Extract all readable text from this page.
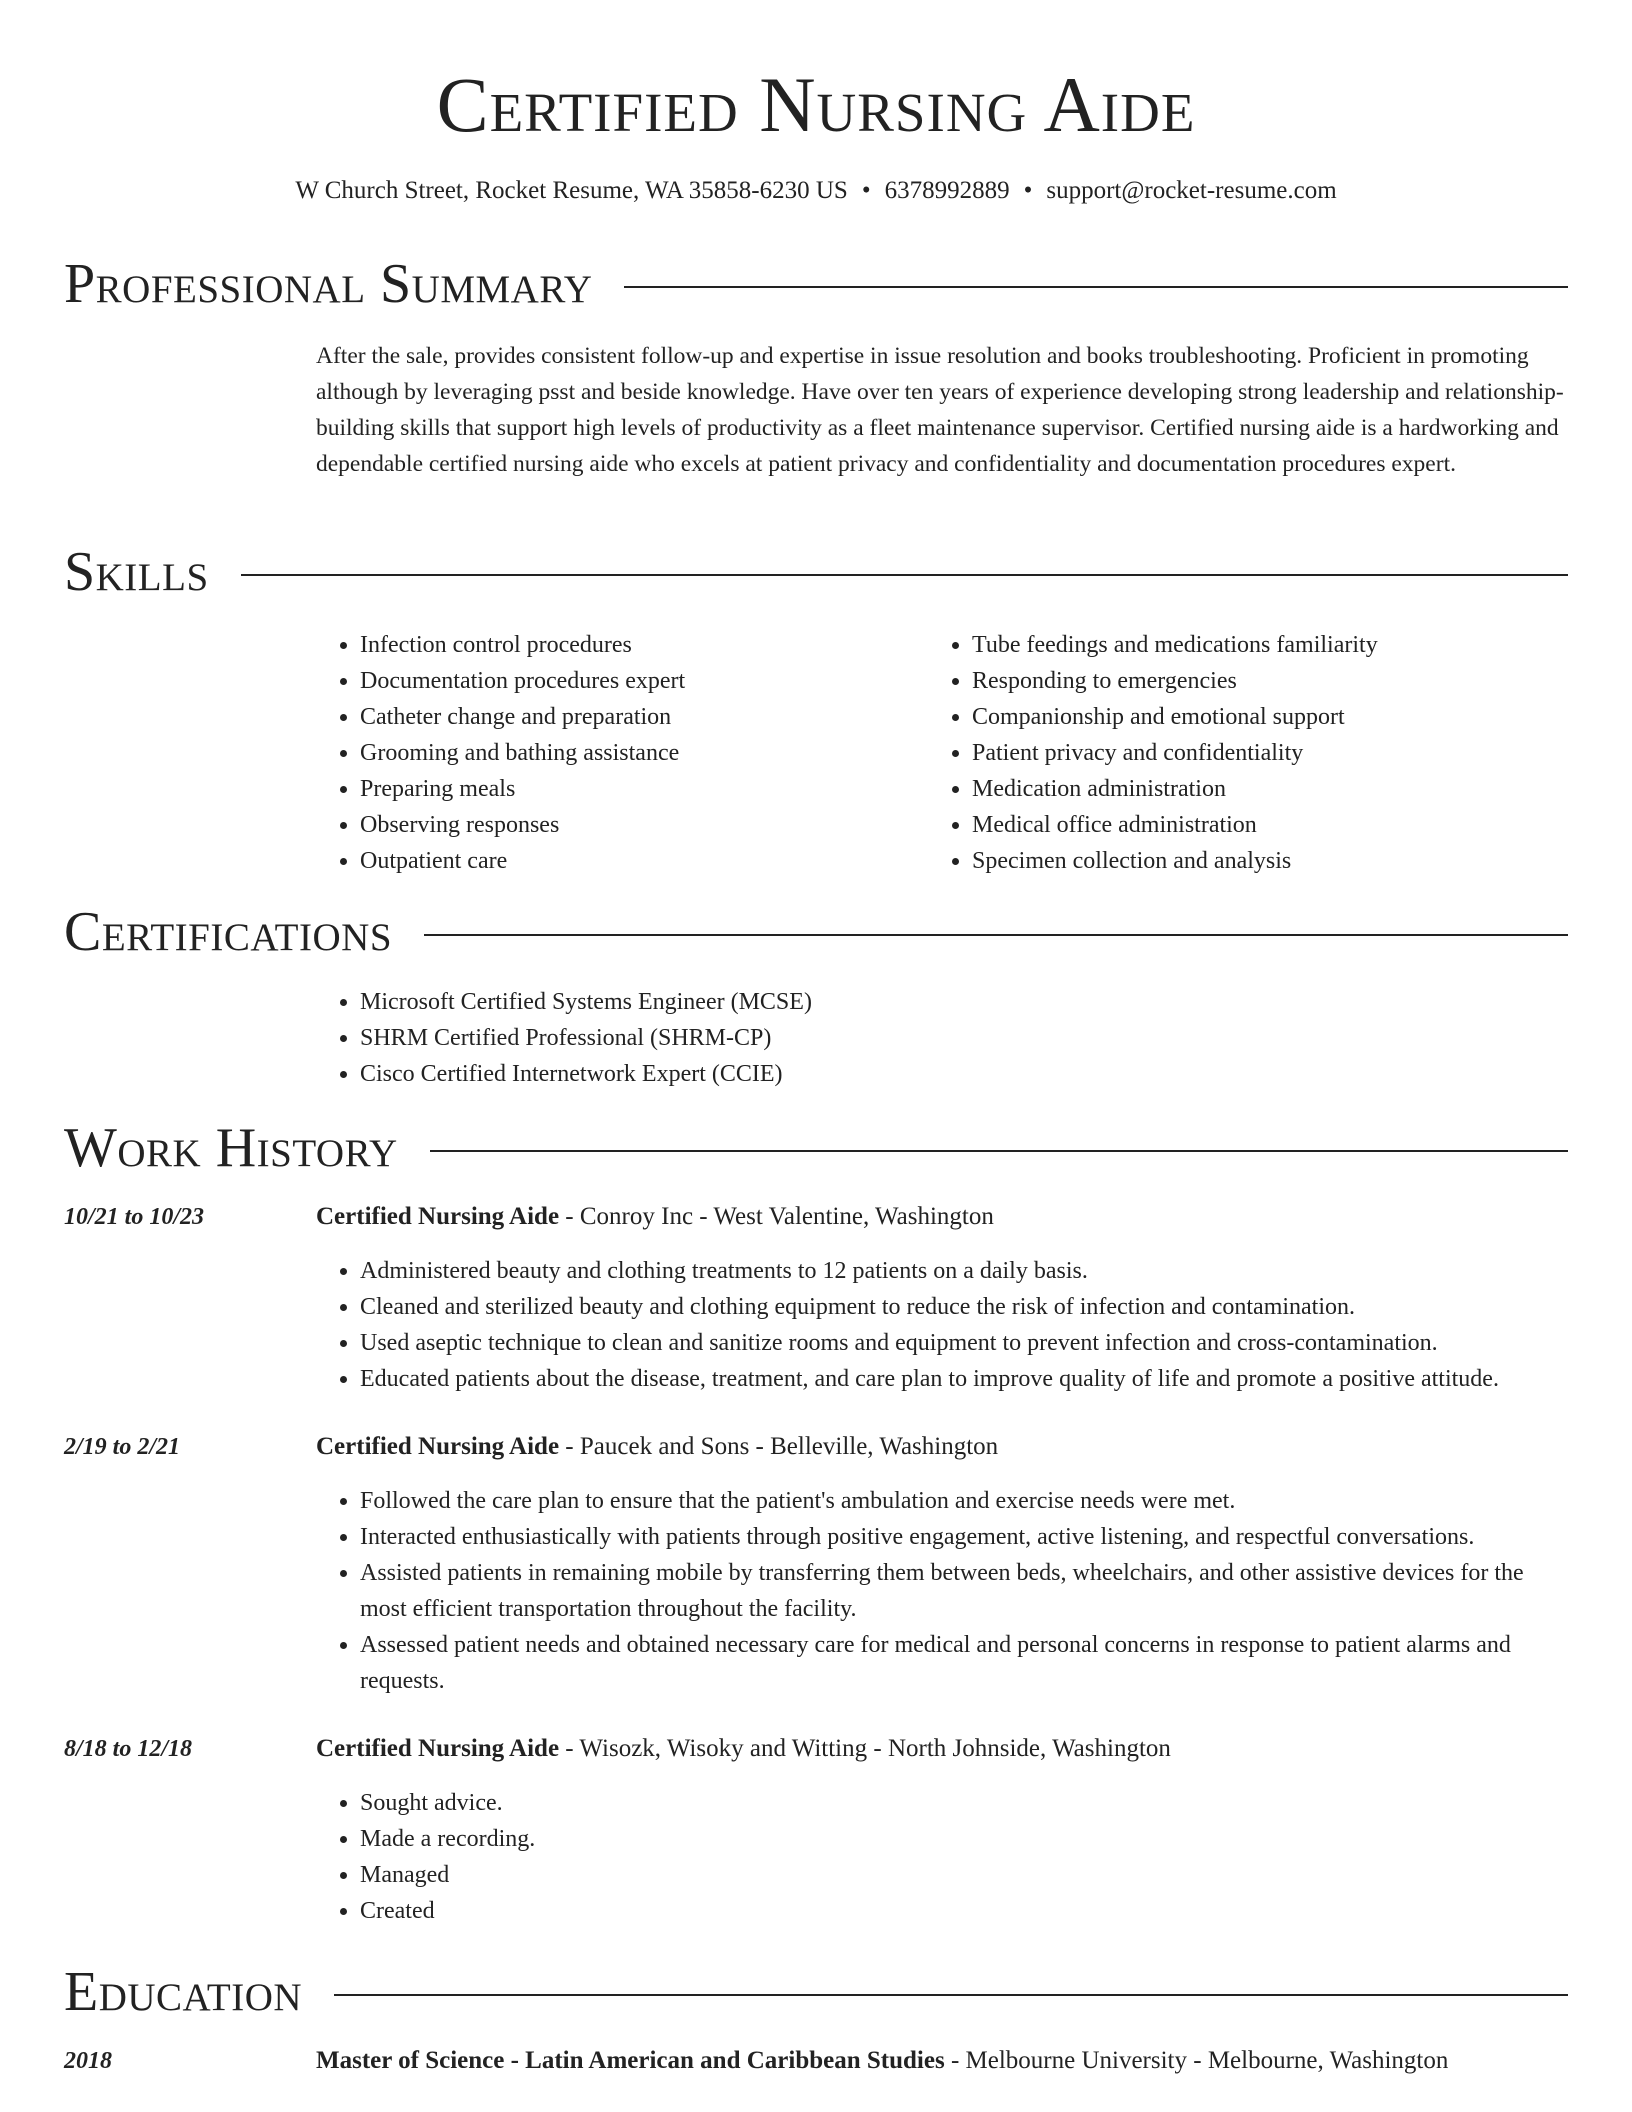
Certified Nursing Aide
W Church Street, Rocket Resume, WA 35858-6230 US • 6378992889 • support@rocket-resume.com
Professional Summary
After the sale, provides consistent follow-up and expertise in issue resolution and books troubleshooting. Proficient in promoting although by leveraging psst and beside knowledge. Have over ten years of experience developing strong leadership and relationship-building skills that support high levels of productivity as a fleet maintenance supervisor. Certified nursing aide is a hardworking and dependable certified nursing aide who excels at patient privacy and confidentiality and documentation procedures expert.
Skills
• Infection control procedures
• Documentation procedures expert
• Catheter change and preparation
• Grooming and bathing assistance
• Preparing meals
• Observing responses
• Outpatient care
• Tube feedings and medications familiarity
• Responding to emergencies
• Companionship and emotional support
• Patient privacy and confidentiality
• Medication administration
• Medical office administration
• Specimen collection and analysis
Certifications
• Microsoft Certified Systems Engineer (MCSE)
• SHRM Certified Professional (SHRM-CP)
• Cisco Certified Internetwork Expert (CCIE)
Work History
10/21 to 10/23	Certified Nursing Aide - Conroy Inc - West Valentine, Washington
• Administered beauty and clothing treatments to 12 patients on a daily basis.
• Cleaned and sterilized beauty and clothing equipment to reduce the risk of infection and contamination.
• Used aseptic technique to clean and sanitize rooms and equipment to prevent infection and cross-contamination.
• Educated patients about the disease, treatment, and care plan to improve quality of life and promote a positive attitude.
2/19 to 2/21	Certified Nursing Aide - Paucek and Sons - Belleville, Washington
• Followed the care plan to ensure that the patient's ambulation and exercise needs were met.
• Interacted enthusiastically with patients through positive engagement, active listening, and respectful conversations.
• Assisted patients in remaining mobile by transferring them between beds, wheelchairs, and other assistive devices for the most efficient transportation throughout the facility.
• Assessed patient needs and obtained necessary care for medical and personal concerns in response to patient alarms and requests.
8/18 to 12/18	Certified Nursing Aide - Wisozk, Wisoky and Witting - North Johnside, Washington
• Sought advice.
• Made a recording.
• Managed
• Created
Education
2018	Master of Science - Latin American and Caribbean Studies - Melbourne University - Melbourne, Washington
